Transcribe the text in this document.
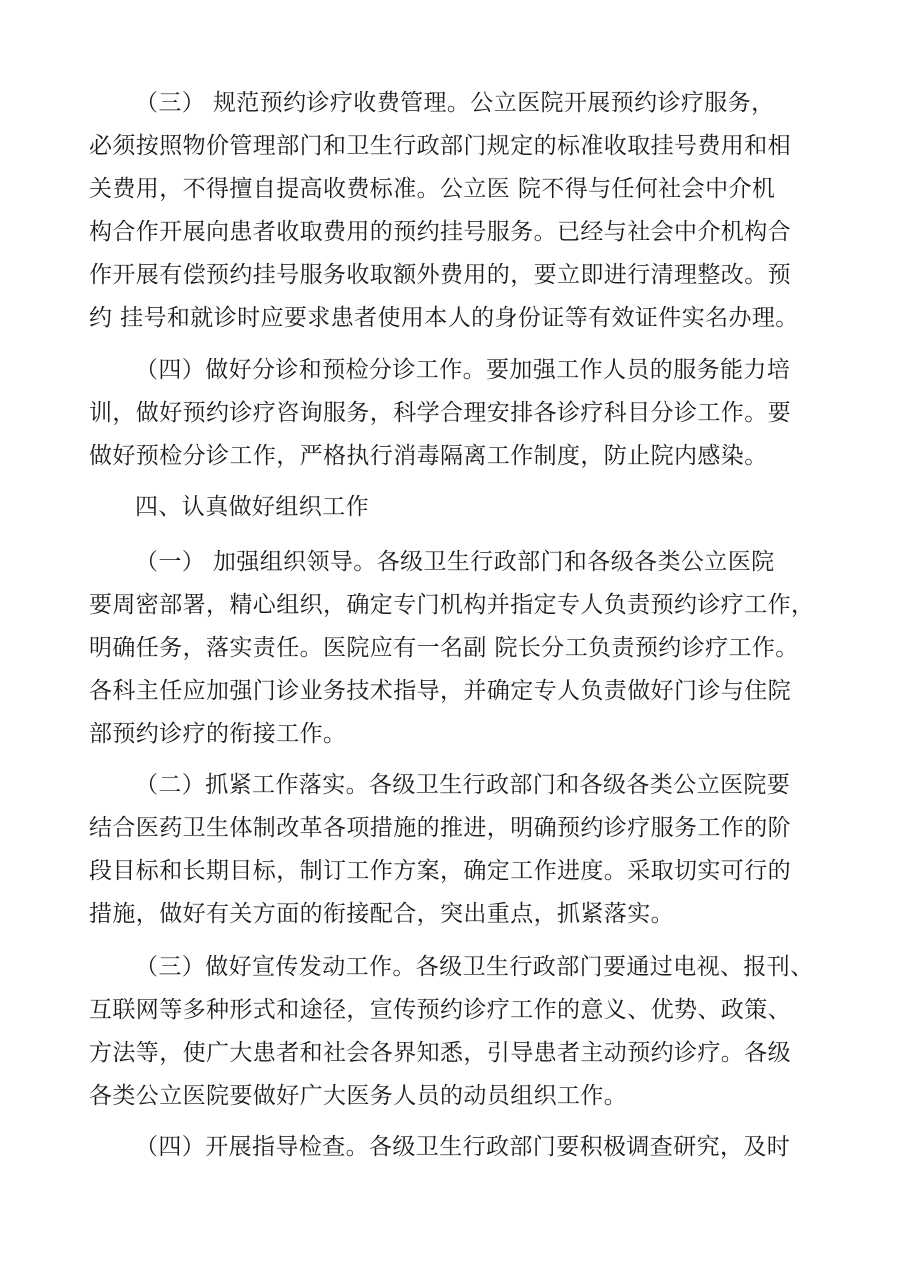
（三） 规范预约诊疗收费管理。公立医院开展预约诊疗服务，
必须按照物价管理部门和卫生行政部门规定的标准收取挂号费用和相
关费用，不得擅自提高收费标准。公立医 院不得与任何社会中介机
构合作开展向患者收取费用的预约挂号服务。已经与社会中介机构合
作开展有偿预约挂号服务收取额外费用的，要立即进行清理整改。预
约 挂号和就诊时应要求患者使用本人的身份证等有效证件实名办理。
（四）做好分诊和预检分诊工作。要加强工作人员的服务能力培
训，做好预约诊疗咨询服务，科学合理安排各诊疗科目分诊工作。要
做好预检分诊工作，严格执行消毒隔离工作制度，防止院内感染。
四、认真做好组织工作
（一） 加强组织领导。各级卫生行政部门和各级各类公立医院
要周密部署，精心组织，确定专门机构并指定专人负责预约诊疗工作，
明确任务，落实责任。医院应有一名副 院长分工负责预约诊疗工作。
各科主任应加强门诊业务技术指导，并确定专人负责做好门诊与住院
部预约诊疗的衔接工作。
（二）抓紧工作落实。各级卫生行政部门和各级各类公立医院要
结合医药卫生体制改革各项措施的推进，明确预约诊疗服务工作的阶
段目标和长期目标，制订工作方案，确定工作进度。采取切实可行的
措施，做好有关方面的衔接配合，突出重点，抓紧落实。
（三）做好宣传发动工作。各级卫生行政部门要通过电视、报刊、
互联网等多种形式和途径，宣传预约诊疗工作的意义、优势、政策、
方法等，使广大患者和社会各界知悉，引导患者主动预约诊疗。各级
各类公立医院要做好广大医务人员的动员组织工作。
（四）开展指导检查。各级卫生行政部门要积极调查研究，及时
